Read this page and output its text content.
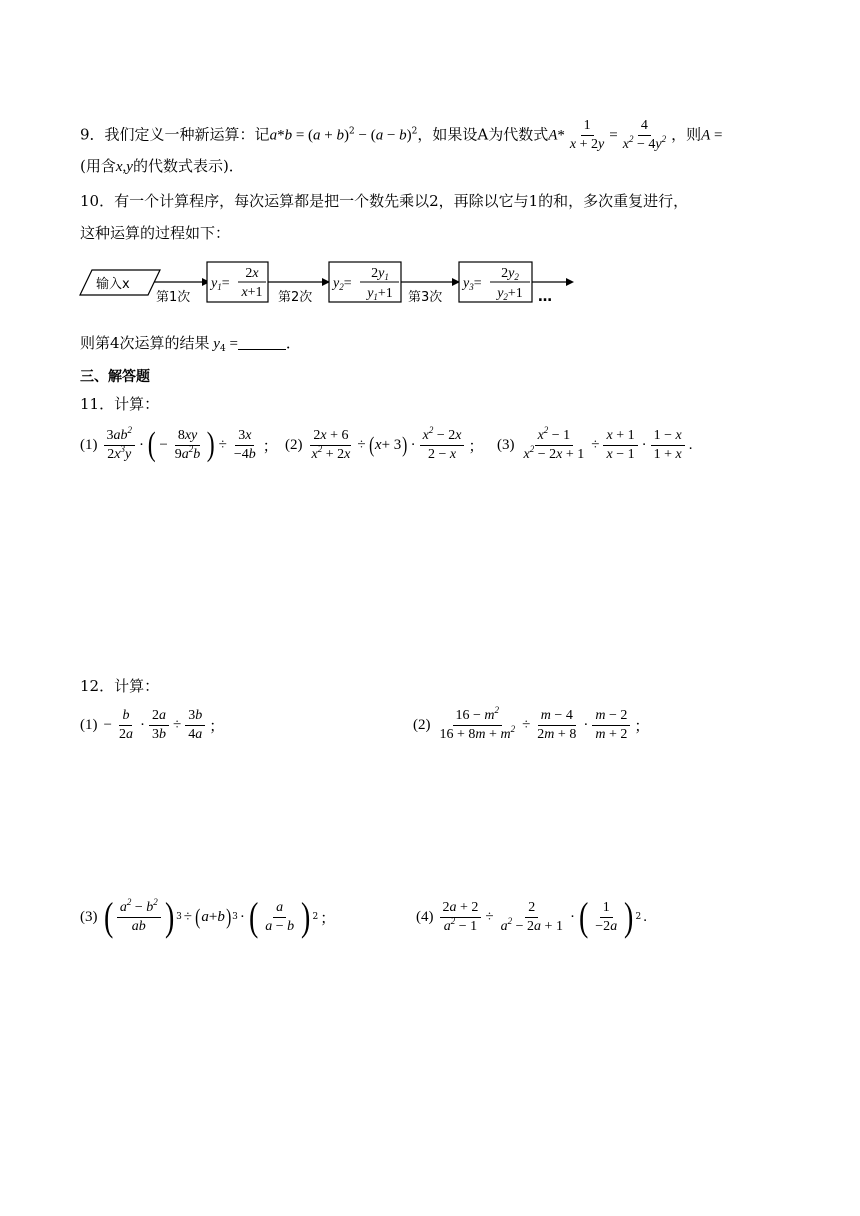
9．我们定义一种新运算：记$a*b = (a + b)^2 - (a - b)^2$，如果设A为代数式$A* \frac{1}{x + 2y} = \frac{4}{x^2 - 4y^2}$ ，则A =
(用含x,y的代数式表示)．
10．有一个计算程序，每次运算都是把一个数先乘以2，再除以它与1的和，多次重复进行，
这种运算的过程如下：
输入x
第1次
$y_1=$
2x
x+1 第2次
$y_2=$
$2y_1$
$y_1+1$ 第3次
$y_3=$
$2y_2$
$y_2+1$ …
则第4次运算的结果 $y_4$ =	．
三、解答题
11．计算：
$(1) \frac{3ab^2}{2x^3y}$ · ( − $\frac{8xy}{9a^2b}$ ) ÷ $\frac{3x}{-4b}$ ； $(2) \frac{2x + 6}{x^2 + 2x}$ ÷ ( x + 3 ) · $\frac{x^2 - 2x}{2 - x}$ ； $(3) \frac{x^2 - 1}{x^2 - 2x + 1} \div \frac{x + 1}{x - 1} \cdot \frac{1 - x}{1 + x}$ .
12．计算：
$(1) - \frac{b}{2a} \cdot \frac{2a}{3b} \div \frac{3b}{4a}$ ；	$(2) \frac{16 - m^2}{16 + 8m + m^2} \div \frac{m - 4}{2m + 8} \cdot \frac{m - 2}{m + 2}$ ；
(3) ( $\frac{a^2 - b^2}{ab}$ ) 3 ÷ ( a + b ) 3 · ( $\frac{a}{a - b}$ ) 2 ；	$(4) \frac{2a + 2}{a^2 - 1} \div \frac{2}{a^2 - 2a + 1}$ · ( $\frac{1}{-2a}$ ) 2 .
